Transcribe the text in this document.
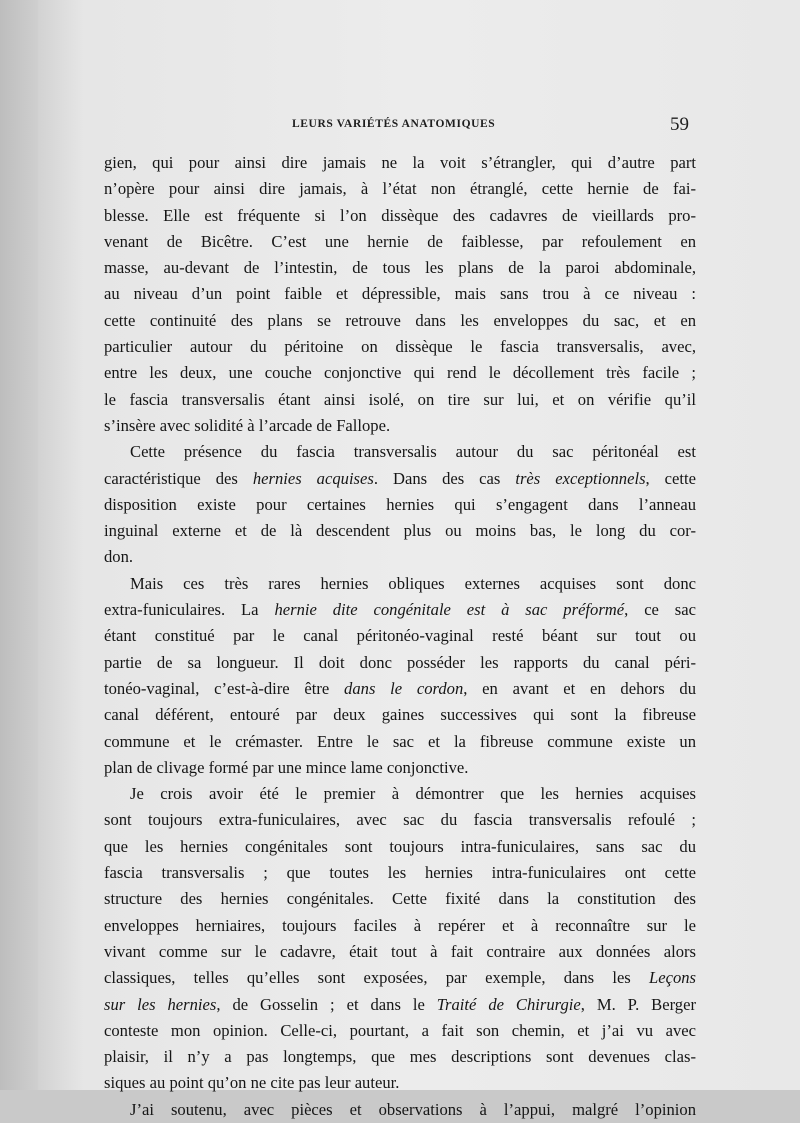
LEURS VARIÉTÉS ANATOMIQUES	59
gien, qui pour ainsi dire jamais ne la voit s’étrangler, qui d’autre part
n’opère pour ainsi dire jamais, à l’état non étranglé, cette hernie de fai-
blesse. Elle est fréquente si l’on dissèque des cadavres de vieillards pro-
venant de Bicêtre. C’est une hernie de faiblesse, par refoulement en
masse, au-devant de l’intestin, de tous les plans de la paroi abdominale,
au niveau d’un point faible et dépressible, mais sans trou à ce niveau :
cette continuité des plans se retrouve dans les enveloppes du sac, et en
particulier autour du péritoine on dissèque le fascia transversalis, avec,
entre les deux, une couche conjonctive qui rend le décollement très facile ;
le fascia transversalis étant ainsi isolé, on tire sur lui, et on vérifie qu’il
s’insère avec solidité à l’arcade de Fallope.
Cette présence du fascia transversalis autour du sac péritonéal est
caractéristique des hernies acquises. Dans des cas très exceptionnels, cette
disposition existe pour certaines hernies qui s’engagent dans l’anneau
inguinal externe et de là descendent plus ou moins bas, le long du cor-
don.
Mais ces très rares hernies obliques externes acquises sont donc
extra-funiculaires. La hernie dite congénitale est à sac préformé, ce sac
étant constitué par le canal péritonéo-vaginal resté béant sur tout ou
partie de sa longueur. Il doit donc posséder les rapports du canal péri-
tonéo-vaginal, c’est-à-dire être dans le cordon, en avant et en dehors du
canal déférent, entouré par deux gaines successives qui sont la fibreuse
commune et le crémaster. Entre le sac et la fibreuse commune existe un
plan de clivage formé par une mince lame conjonctive.
Je crois avoir été le premier à démontrer que les hernies acquises
sont toujours extra-funiculaires, avec sac du fascia transversalis refoulé ;
que les hernies congénitales sont toujours intra-funiculaires, sans sac du
fascia transversalis ; que toutes les hernies intra-funiculaires ont cette
structure des hernies congénitales. Cette fixité dans la constitution des
enveloppes herniaires, toujours faciles à repérer et à reconnaître sur le
vivant comme sur le cadavre, était tout à fait contraire aux données alors
classiques, telles qu’elles sont exposées, par exemple, dans les Leçons
sur les hernies, de Gosselin ; et dans le Traité de Chirurgie, M. P. Berger
conteste mon opinion. Celle-ci, pourtant, a fait son chemin, et j’ai vu avec
plaisir, il n’y a pas longtemps, que mes descriptions sont devenues clas-
siques au point qu’on ne cite pas leur auteur.
J’ai soutenu, avec pièces et observations à l’appui, malgré l’opinion
